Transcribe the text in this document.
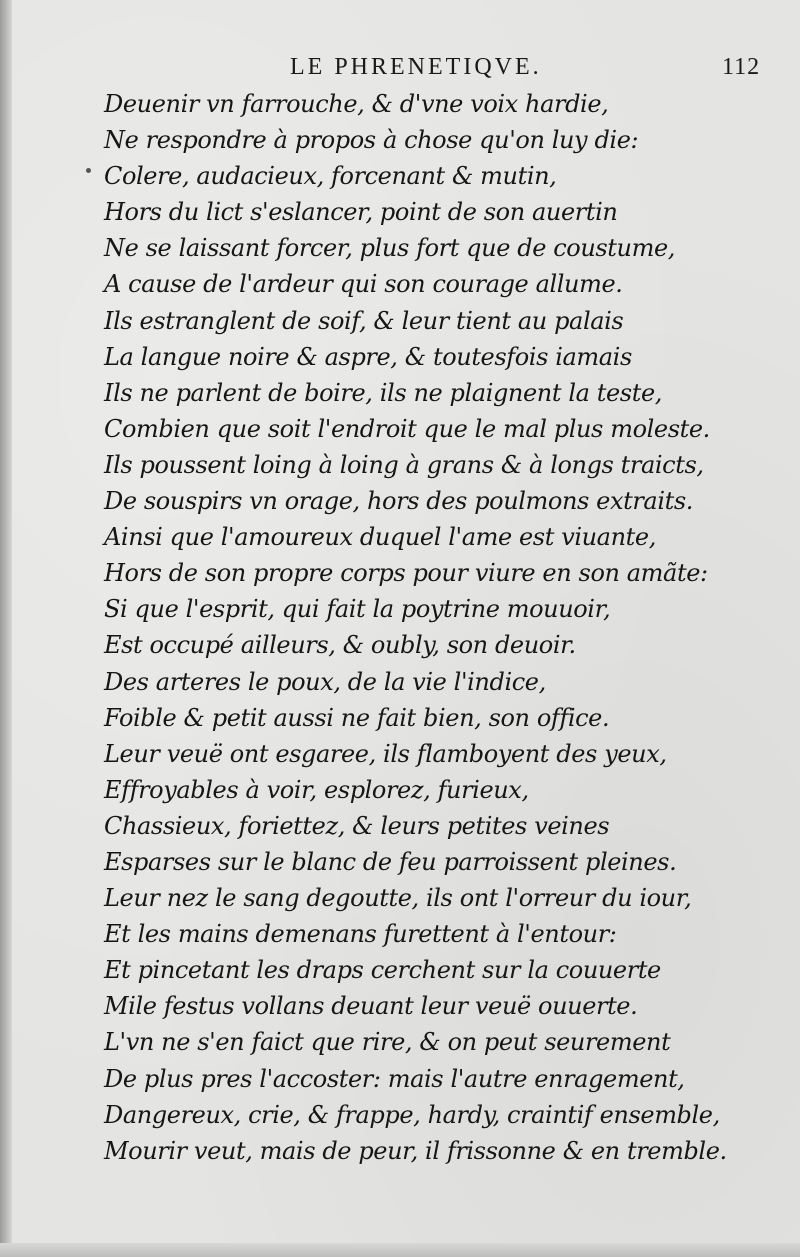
LE PHRENETIQVE.	112
Deuenir vn farrouche, & d'vne voix hardie,
Ne respondre à propos à chose qu'on luy die:
Colere, audacieux, forcenant & mutin,
Hors du lict s'eslancer, point de son auertin
Ne se laissant forcer, plus fort que de coustume,
A cause de l'ardeur qui son courage allume.
Ils estranglent de soif, & leur tient au palais
La langue noire & aspre, & toutesfois iamais
Ils ne parlent de boire, ils ne plaignent la teste,
Combien que soit l'endroit que le mal plus moleste.
Ils poussent loing à loing à grans & à longs traicts,
De souspirs vn orage, hors des poulmons extraits.
Ainsi que l'amoureux duquel l'ame est viuante,
Hors de son propre corps pour viure en son amãte:
Si que l'esprit, qui fait la poytrine mouuoir,
Est occupé ailleurs, & oubly, son deuoir.
Des arteres le poux, de la vie l'indice,
Foible & petit aussi ne fait bien, son office.
Leur veuë ont esgaree, ils flamboyent des yeux,
Effroyables à voir, esplorez, furieux,
Chassieux, foriettez, & leurs petites veines
Esparses sur le blanc de feu parroissent pleines.
Leur nez le sang degoutte, ils ont l'orreur du iour,
Et les mains demenans furettent à l'entour:
Et pincetant les draps cerchent sur la couuerte
Mile festus vollans deuant leur veuë ouuerte.
L'vn ne s'en faict que rire, & on peut seurement
De plus pres l'accoster: mais l'autre enragement,
Dangereux, crie, & frappe, hardy, craintif ensemble,
Mourir veut, mais de peur, il frissonne & en tremble.
